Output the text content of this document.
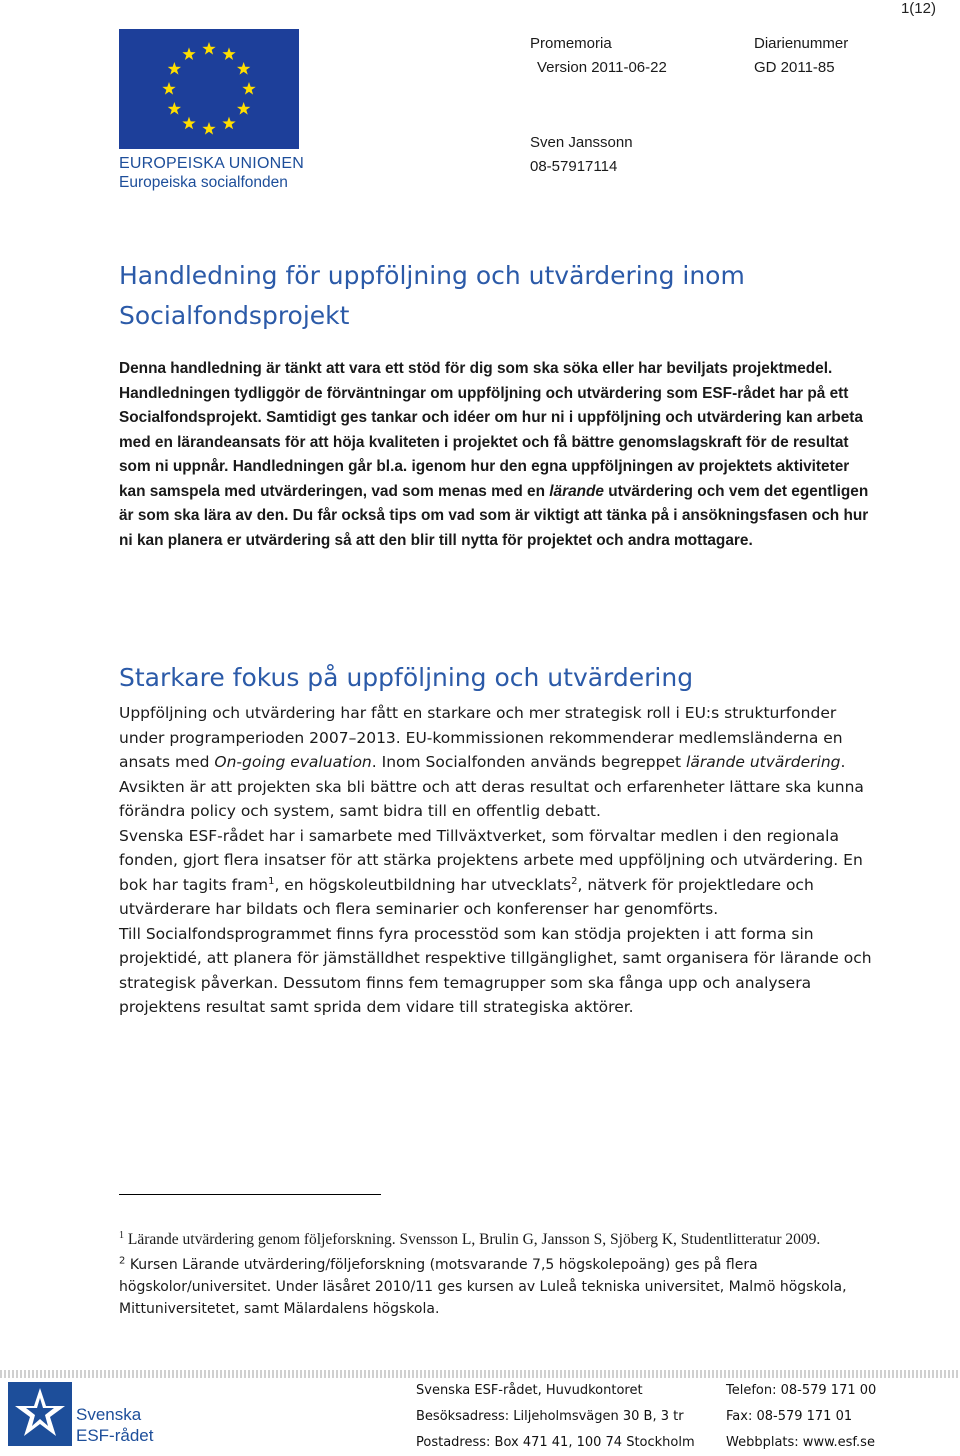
1(12)
EUROPEISKA UNIONEN
Europeiska socialfonden
Promemoria
Version 2011-06-22
Diarienummer
GD 2011-85
Sven Janssonn
08-57917114
Handledning för uppföljning och utvärdering inom Socialfondsprojekt

Denna handledning är tänkt att vara ett stöd för dig som ska söka eller har beviljats projektmedel. Handledningen tydliggör de förväntningar om uppföljning och utvärdering som ESF-rådet har på ett Socialfondsprojekt. Samtidigt ges tankar och idéer om hur ni i uppföljning och utvärdering kan arbeta med en lärandeansats för att höja kvaliteten i projektet och få bättre genomslagskraft för de resultat som ni uppnår. Handledningen går bl.a. igenom hur den egna uppföljningen av projektets aktiviteter kan samspela med utvärderingen, vad som menas med en lärande utvärdering och vem det egentligen är som ska lära av den. Du får också tips om vad som är viktigt att tänka på i ansökningsfasen och hur ni kan planera er utvärdering så att den blir till nytta för projektet och andra mottagare.

Starkare fokus på uppföljning och utvärdering

Uppföljning och utvärdering har fått en starkare och mer strategisk roll i EU:s strukturfonder under programperioden 2007–2013. EU-kommissionen rekommenderar medlemsländerna en ansats med On-going evaluation. Inom Socialfonden används begreppet lärande utvärdering. Avsikten är att projekten ska bli bättre och att deras resultat och erfarenheter lättare ska kunna förändra policy och system, samt bidra till en offentlig debatt.

Svenska ESF-rådet har i samarbete med Tillväxtverket, som förvaltar medlen i den regionala fonden, gjort flera insatser för att stärka projektens arbete med uppföljning och utvärdering. En bok har tagits fram$^1$, en högskoleutbildning har utvecklats$^2$, nätverk för projektledare och utvärderare har bildats och flera seminarier och konferenser har genomförts.

Till Socialfondsprogrammet finns fyra processtöd som kan stödja projekten i att forma sin projektidé, att planera för jämställdhet respektive tillgänglighet, samt organisera för lärande och strategisk påverkan. Dessutom finns fem temagrupper som ska fånga upp och analysera projektens resultat samt sprida dem vidare till strategiska aktörer.

$^1$ Lärande utvärdering genom följeforskning. Svensson L, Brulin G, Jansson S, Sjöberg K, Studentlitteratur 2009.

$^2$ Kursen Lärande utvärdering/följeforskning (motsvarande 7,5 högskolepoäng) ges på flera högskolor/universitet. Under läsåret 2010/11 ges kursen av Luleå tekniska universitet, Malmö högskola, Mittuniversitetet, samt Mälardalens högskola.

Svenska
ESF-rådet
Svenska ESF-rådet, Huvudkontoret
Besöksadress: Liljeholmsvägen 30 B, 3 tr
Postadress: Box 471 41, 100 74 Stockholm
Telefon: 08-579 171 00
Fax: 08-579 171 01
Webbplats: www.esf.se
